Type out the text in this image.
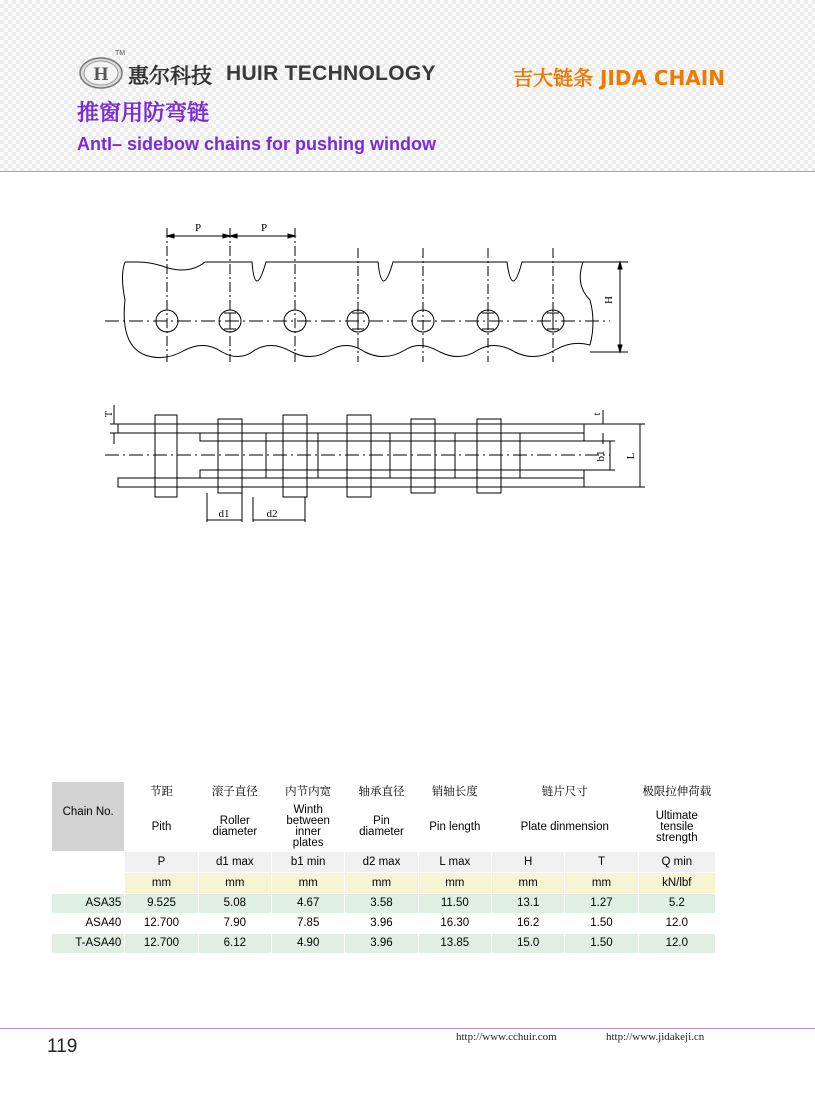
H
TM
惠尔科技 HUIR TECHNOLOGY	吉大链条 JIDA CHAIN
推窗用防弯链
AntI– sidebow chains for pushing window
P	P
H
T	t
b1 L
d1	d2
Chain No.	节距	滚子直径	内节内宽	轴承直径	销轴长度	链片尺寸		极限拉伸荷载
	Pith	Roller diameter	Winth between inner plates	Pin diameter	Pin length	Plate dinmension		Ultimate tensile strength
	P	d1 max	b1 min	d2 max	L max	H	T	Q min
	mm	mm	mm	mm	mm	mm	mm	kN/lbf
ASA35	9.525	5.08	4.67	3.58	11.50	13.1	1.27	5.2
ASA40	12.700	7.90	7.85	3.96	16.30	16.2	1.50	12.0
T-ASA40	12.700	6.12	4.90	3.96	13.85	15.0	1.50	12.0
119	http://www.cchuir.com	http://www.jidakeji.cn
